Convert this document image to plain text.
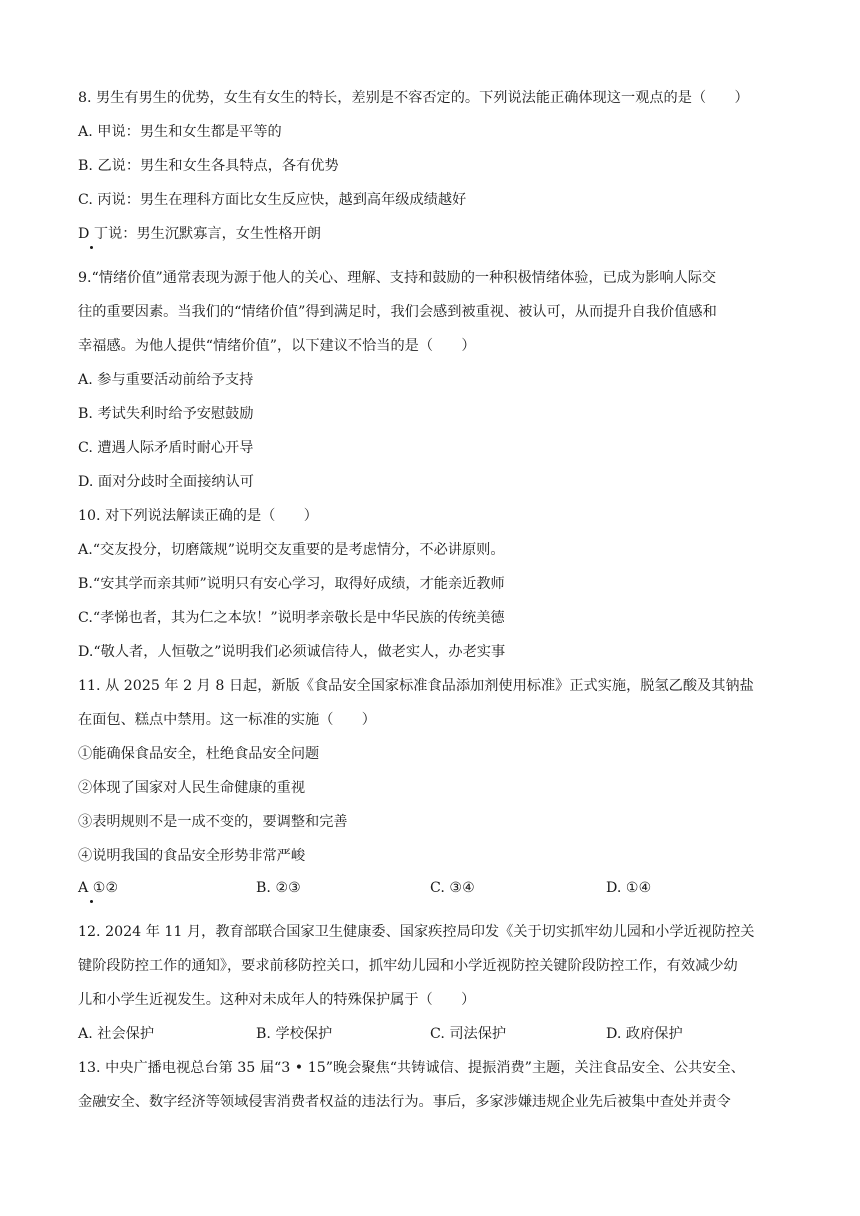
8. 男生有男生的优势，女生有女生的特长，差别是不容否定的。下列说法能正确体现这一观点的是（　　）
A. 甲说：男生和女生都是平等的
B. 乙说：男生和女生各具特点，各有优势
C. 丙说：男生在理科方面比女生反应快，越到高年级成绩越好
D 丁说：男生沉默寡言，女生性格开朗
9.“情绪价值”通常表现为源于他人的关心、理解、支持和鼓励的一种积极情绪体验，已成为影响人际交
往的重要因素。当我们的“情绪价值”得到满足时，我们会感到被重视、被认可，从而提升自我价值感和
幸福感。为他人提供“情绪价值”，以下建议不恰当的是（　　）
A. 参与重要活动前给予支持
B. 考试失利时给予安慰鼓励
C. 遭遇人际矛盾时耐心开导
D. 面对分歧时全面接纳认可
10. 对下列说法解读正确的是（　　）
A.“交友投分，切磨箴规”说明交友重要的是考虑情分，不必讲原则。
B.“安其学而亲其师”说明只有安心学习，取得好成绩，才能亲近教师
C.“孝悌也者，其为仁之本欤！”说明孝亲敬长是中华民族的传统美德
D.“敬人者，人恒敬之”说明我们必须诚信待人，做老实人，办老实事
11. 从 2025 年 2 月 8 日起，新版《食品安全国家标准食品添加剂使用标准》正式实施，脱氢乙酸及其钠盐
在面包、糕点中禁用。这一标准的实施（　　）
①能确保食品安全，杜绝食品安全问题
②体现了国家对人民生命健康的重视
③表明规则不是一成不变的，要调整和完善
④说明我国的食品安全形势非常严峻
A ①②	B. ②③	C. ③④	D. ①④
12. 2024 年 11 月，教育部联合国家卫生健康委、国家疾控局印发《关于切实抓牢幼儿园和小学近视防控关
键阶段防控工作的通知》，要求前移防控关口，抓牢幼儿园和小学近视防控关键阶段防控工作，有效减少幼
儿和小学生近视发生。这种对未成年人的特殊保护属于（　　）
A. 社会保护	B. 学校保护	C. 司法保护	D. 政府保护
13. 中央广播电视总台第 35 届“3 • 15”晚会聚焦“共铸诚信、提振消费”主题，关注食品安全、公共安全、
金融安全、数字经济等领域侵害消费者权益的违法行为。事后，多家涉嫌违规企业先后被集中查处并责令
